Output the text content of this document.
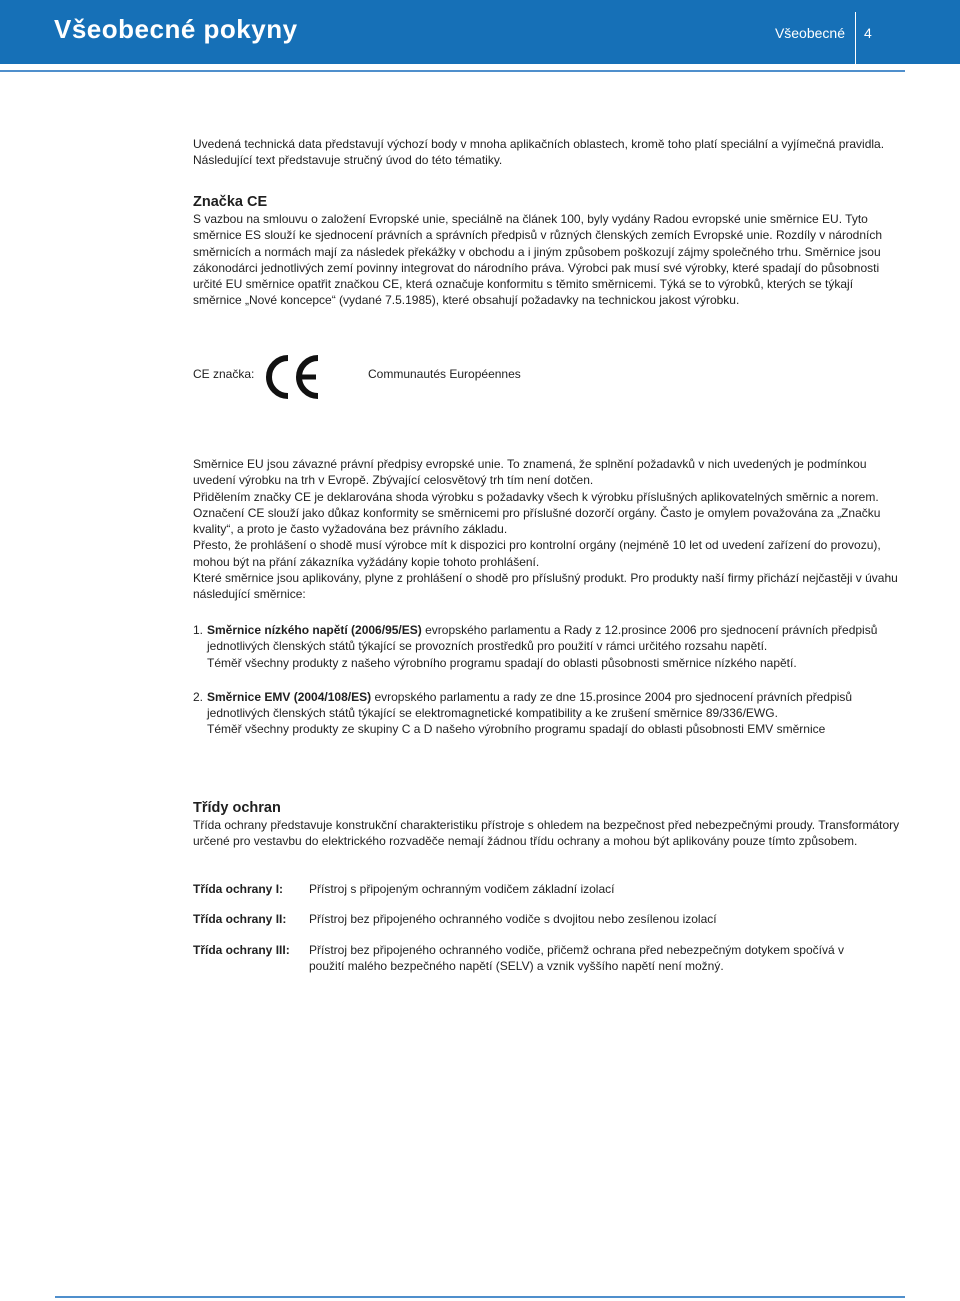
Všeobecné pokyny	Všeobecné 4

Uvedená technická data představují výchozí body v mnoha aplikačních oblastech, kromě toho platí speciální a vyjímečná pravidla. Následující text představuje stručný úvod do této tématiky.

Značka CE

S vazbou na smlouvu o založení Evropské unie, speciálně na článek 100, byly vydány Radou evropské unie směrnice EU. Tyto směrnice ES slouží ke sjednocení právních a správních předpisů v různých členských zemích Evropské unie. Rozdíly v národních směrnicích a normách mají za následek překážky v obchodu a i jiným způsobem poškozují zájmy společného trhu. Směrnice jsou zákonodárci jednotlivých zemí povinny integrovat do národního práva. Výrobci pak musí své výrobky, které spadají do působnosti určité EU směrnice opatřit značkou CE, která označuje konformitu s těmito směrnicemi. Týká se to výrobků, kterých se týkají směrnice „Nové koncepce“ (vydané 7.5.1985), které obsahují požadavky na technickou jakost výrobku.

CE značka:	Communautés Européennes

Směrnice EU jsou závazné právní předpisy evropské unie. To znamená, že splnění požadavků v nich uvedených je podmínkou uvedení výrobku na trh v Evropě. Zbývající celosvětový trh tím není dotčen.

Přidělením značky CE je deklarována shoda výrobku s požadavky všech k výrobku příslušných aplikovatelných směrnic a norem. Označení CE slouží jako důkaz konformity se směrnicemi pro příslušné dozorčí orgány. Často je omylem považována za „Značku kvality“, a proto je často vyžadována bez právního základu.

Přesto, že prohlášení o shodě musí výrobce mít k dispozici pro kontrolní orgány (nejméně 10 let od uvedení zařízení do provozu), mohou být na přání zákazníka vyžádány kopie tohoto prohlášení.

Které směrnice jsou aplikovány, plyne z prohlášení o shodě pro příslušný produkt. Pro produkty naší firmy přichází nejčastěji v úvahu následující směrnice:

1. Směrnice nízkého napětí (2006/95/ES) evropského parlamentu a Rady z 12.prosince 2006 pro sjednocení právních předpisů jednotlivých členských států týkající se provozních prostředků pro použití v rámci určitého rozsahu napětí.
Téměř všechny produkty z našeho výrobního programu spadají do oblasti působnosti směrnice nízkého napětí.
2. Směrnice EMV (2004/108/ES) evropského parlamentu a rady ze dne 15.prosince 2004 pro sjednocení právních předpisů jednotlivých členských států týkající se elektromagnetické kompatibility a ke zrušení směrnice 89/336/EWG.
Téměř všechny produkty ze skupiny C a D našeho výrobního programu spadají do oblasti působnosti EMV směrnice

Třídy ochran

Třída ochrany představuje konstrukční charakteristiku přístroje s ohledem na bezpečnost před nebezpečnými proudy. Transformátory určené pro vestavbu do elektrického rozvaděče nemají žádnou třídu ochrany a mohou být aplikovány pouze tímto způsobem.

Třída ochrany I:	Přístroj s připojeným ochranným vodičem základní izolací
Třída ochrany II:	Přístroj bez připojeného ochranného vodiče s dvojitou nebo zesílenou izolací
Třída ochrany III:	Přístroj bez připojeného ochranného vodiče, přičemž ochrana před nebezpečným dotykem spočívá v použití malého bezpečného napětí (SELV) a vznik vyššího napětí není možný.
